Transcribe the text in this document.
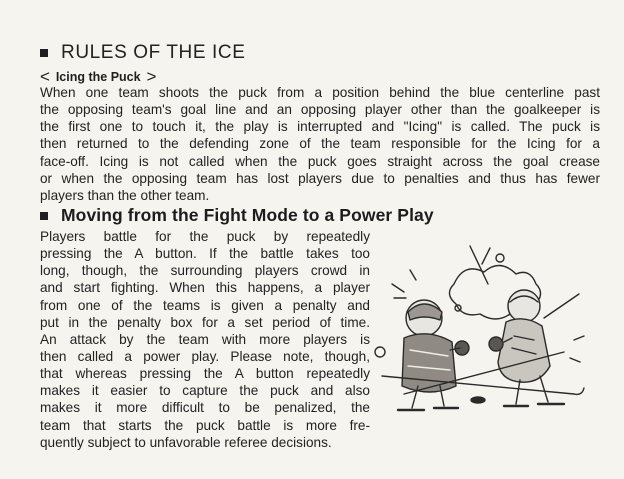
RULES OF THE ICE
< Icing the Puck >
When one team shoots the puck from a position behind the blue centerline past
the opposing team's goal line and an opposing player other than the goalkeeper is
the first one to touch it, the play is interrupted and "Icing" is called. The puck is
then returned to the defending zone of the team responsible for the Icing for a
face-off. Icing is not called when the puck goes straight across the goal crease
or when the opposing team has lost players due to penalties and thus has fewer
players than the other team.
Moving from the Fight Mode to a Power Play
Players battle for the puck by repeatedly
pressing the A button. If the battle takes too
long, though, the surrounding players crowd in
and start fighting. When this happens, a player
from one of the teams is given a penalty and
put in the penalty box for a set period of time.
An attack by the team with more players is
then called a power play. Please note, though,
that whereas pressing the A button repeatedly
makes it easier to capture the puck and also
makes it more difficult to be penalized, the
team that starts the puck battle is more fre-
quently subject to unfavorable referee decisions.
